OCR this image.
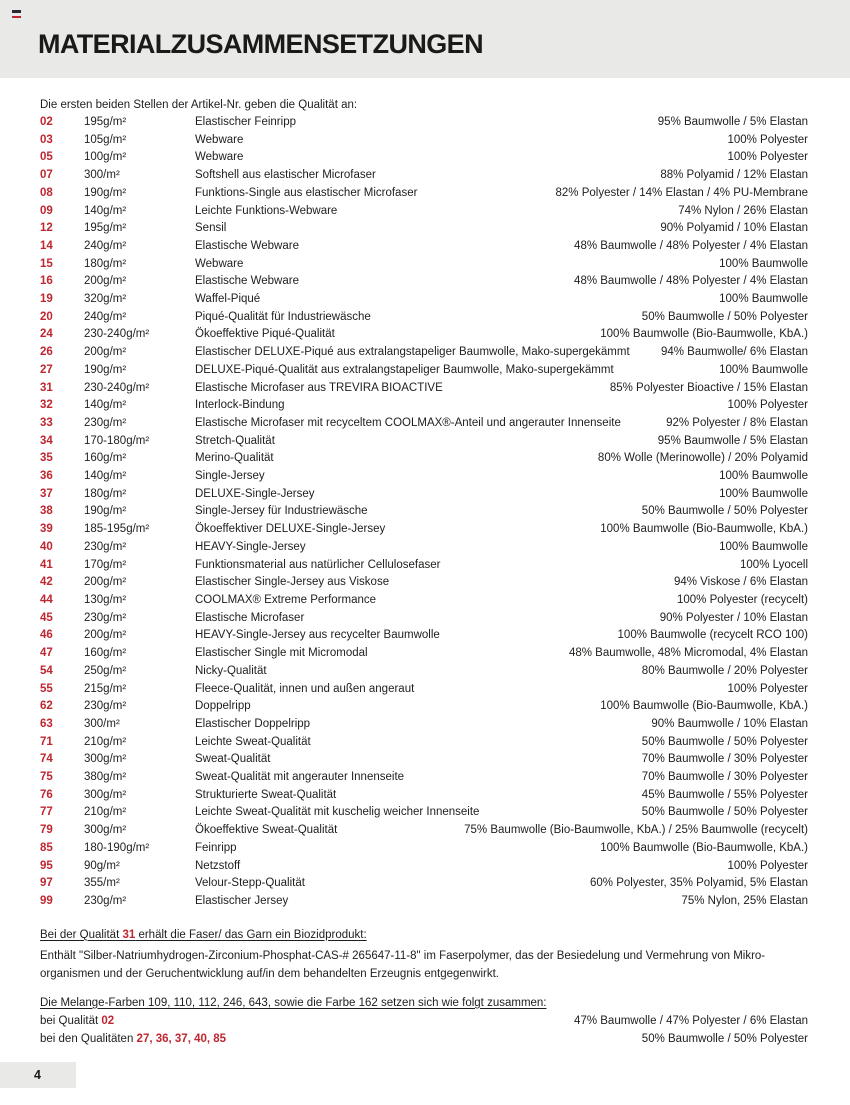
MATERIALZUSAMMENSETZUNGEN
Die ersten beiden Stellen der Artikel-Nr. geben die Qualität an:
02	195g/m²	Elastischer Feinripp	95% Baumwolle / 5% Elastan
03	105g/m²	Webware	100% Polyester
05	100g/m²	Webware	100% Polyester
07	300/m²	Softshell aus elastischer Microfaser	88% Polyamid / 12% Elastan
08	190g/m²	Funktions-Single aus elastischer Microfaser	82% Polyester / 14% Elastan / 4% PU-Membrane
09	140g/m²	Leichte Funktions-Webware	74% Nylon / 26% Elastan
12	195g/m²	Sensil	90% Polyamid / 10% Elastan
14	240g/m²	Elastische Webware	48% Baumwolle / 48% Polyester / 4% Elastan
15	180g/m²	Webware	100% Baumwolle
16	200g/m²	Elastische Webware	48% Baumwolle / 48% Polyester / 4% Elastan
19	320g/m²	Waffel-Piqué	100% Baumwolle
20	240g/m²	Piqué-Qualität für Industriewäsche	50% Baumwolle / 50% Polyester
24	230-240g/m²	Ökoeffektive Piqué-Qualität	100% Baumwolle (Bio-Baumwolle, KbA.)
26	200g/m²	Elastischer DELUXE-Piqué aus extralangstapeliger Baumwolle, Mako-supergekämmt	94% Baumwolle/ 6% Elastan
27	190g/m²	DELUXE-Piqué-Qualität aus extralangstapeliger Baumwolle, Mako-supergekämmt	100% Baumwolle
31	230-240g/m²	Elastische Microfaser aus TREVIRA BIOACTIVE	85% Polyester Bioactive / 15% Elastan
32	140g/m²	Interlock-Bindung	100% Polyester
33	230g/m²	Elastische Microfaser mit recyceltem COOLMAX®-Anteil und angerauter Innenseite	92% Polyester / 8% Elastan
34	170-180g/m²	Stretch-Qualität	95% Baumwolle / 5% Elastan
35	160g/m²	Merino-Qualität	80% Wolle (Merinowolle) / 20% Polyamid
36	140g/m²	Single-Jersey	100% Baumwolle
37	180g/m²	DELUXE-Single-Jersey	100% Baumwolle
38	190g/m²	Single-Jersey für Industriewäsche	50% Baumwolle / 50% Polyester
39	185-195g/m²	Ökoeffektiver DELUXE-Single-Jersey	100% Baumwolle (Bio-Baumwolle, KbA.)
40	230g/m²	HEAVY-Single-Jersey	100% Baumwolle
41	170g/m²	Funktionsmaterial aus natürlicher Cellulosefaser	100% Lyocell
42	200g/m²	Elastischer Single-Jersey aus Viskose	94% Viskose / 6% Elastan
44	130g/m²	COOLMAX® Extreme Performance	100% Polyester (recycelt)
45	230g/m²	Elastische Microfaser	90% Polyester / 10% Elastan
46	200g/m²	HEAVY-Single-Jersey aus recycelter Baumwolle	100% Baumwolle (recycelt RCO 100)
47	160g/m²	Elastischer Single mit Micromodal	48% Baumwolle, 48% Micromodal, 4% Elastan
54	250g/m²	Nicky-Qualität	80% Baumwolle / 20% Polyester
55	215g/m²	Fleece-Qualität, innen und außen angeraut	100% Polyester
62	230g/m²	Doppelripp	100% Baumwolle (Bio-Baumwolle, KbA.)
63	300/m²	Elastischer Doppelripp	90% Baumwolle / 10% Elastan
71	210g/m²	Leichte Sweat-Qualität	50% Baumwolle / 50% Polyester
74	300g/m²	Sweat-Qualität	70% Baumwolle / 30% Polyester
75	380g/m²	Sweat-Qualität mit angerauter Innenseite	70% Baumwolle / 30% Polyester
76	300g/m²	Strukturierte Sweat-Qualität	45% Baumwolle / 55% Polyester
77	210g/m²	Leichte Sweat-Qualität mit kuschelig weicher Innenseite	50% Baumwolle / 50% Polyester
79	300g/m²	Ökoeffektive Sweat-Qualität	75% Baumwolle (Bio-Baumwolle, KbA.) / 25% Baumwolle (recycelt)
85	180-190g/m²	Feinripp	100% Baumwolle (Bio-Baumwolle, KbA.)
95	90g/m²	Netzstoff	100% Polyester
97	355/m²	Velour-Stepp-Qualität	60% Polyester, 35% Polyamid, 5% Elastan
99	230g/m²	Elastischer Jersey	75% Nylon, 25% Elastan
Bei der Qualität 31 erhält die Faser/ das Garn ein Biozidprodukt:
Enthält "Silber-Natriumhydrogen-Zirconium-Phosphat-CAS-# 265647-11-8" im Faserpolymer, das der Besiedelung und Vermehrung von Mikro-
organismen und der Geruchentwicklung auf/in dem behandelten Erzeugnis entgegenwirkt.
Die Melange-Farben 109, 110, 112, 246, 643, sowie die Farbe 162 setzen sich wie folgt zusammen:
bei Qualität 02	47% Baumwolle / 47% Polyester / 6% Elastan
bei den Qualitäten 27, 36, 37, 40, 85	50% Baumwolle / 50% Polyester
4
